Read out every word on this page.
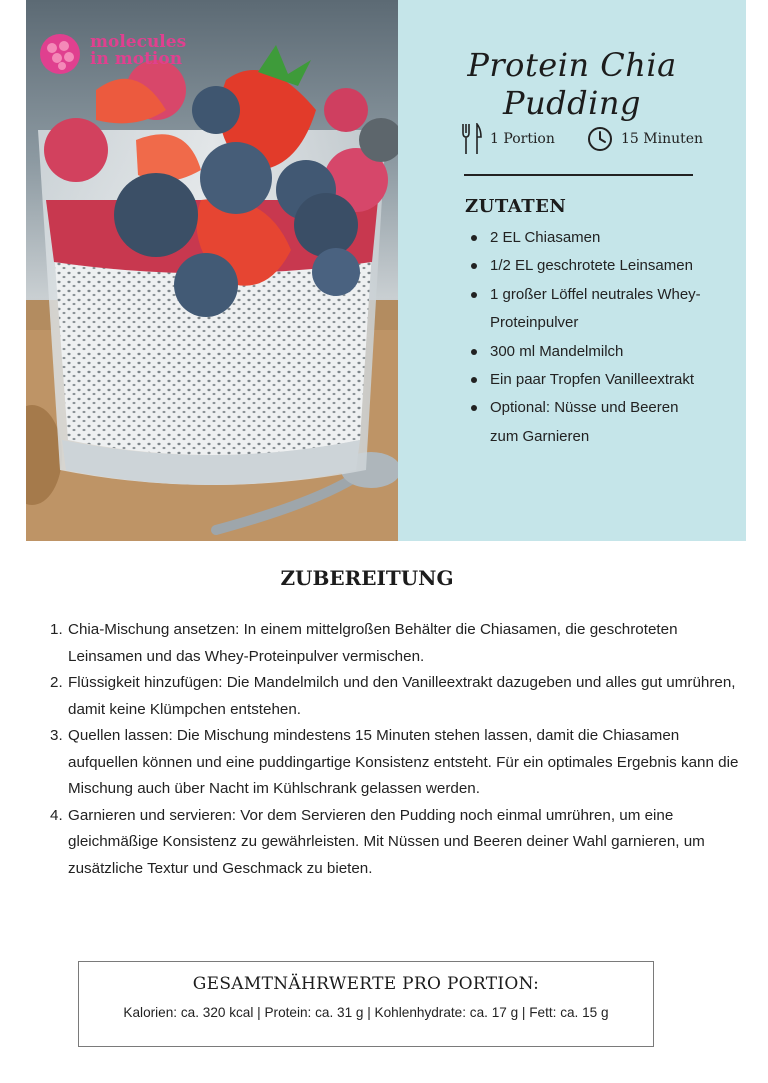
molecules
in motion	Protein Chia Pudding
1 Portion	15 Minuten
ZUTATEN
2 EL Chiasamen
1/2 EL geschrotete Leinsamen
1 großer Löffel neutrales Whey-Proteinpulver
300 ml Mandelmilch
Ein paar Tropfen Vanilleextrakt
Optional: Nüsse und Beeren zum Garnieren
ZUBEREITUNG
1. Chia-Mischung ansetzen: In einem mittelgroßen Behälter die Chiasamen, die geschroteten Leinsamen und das Whey-Proteinpulver vermischen.
2. Flüssigkeit hinzufügen: Die Mandelmilch und den Vanilleextrakt dazugeben und alles gut umrühren, damit keine Klümpchen entstehen.
3. Quellen lassen: Die Mischung mindestens 15 Minuten stehen lassen, damit die Chiasamen aufquellen können und eine puddingartige Konsistenz entsteht. Für ein optimales Ergebnis kann die Mischung auch über Nacht im Kühlschrank gelassen werden.
4. Garnieren und servieren: Vor dem Servieren den Pudding noch einmal umrühren, um eine gleichmäßige Konsistenz zu gewährleisten. Mit Nüssen und Beeren deiner Wahl garnieren, um zusätzliche Textur und Geschmack zu bieten.
GESAMTNÄHRWERTE PRO PORTION:
Kalorien: ca. 320 kcal | Protein: ca. 31 g | Kohlenhydrate: ca. 17 g | Fett: ca. 15 g
